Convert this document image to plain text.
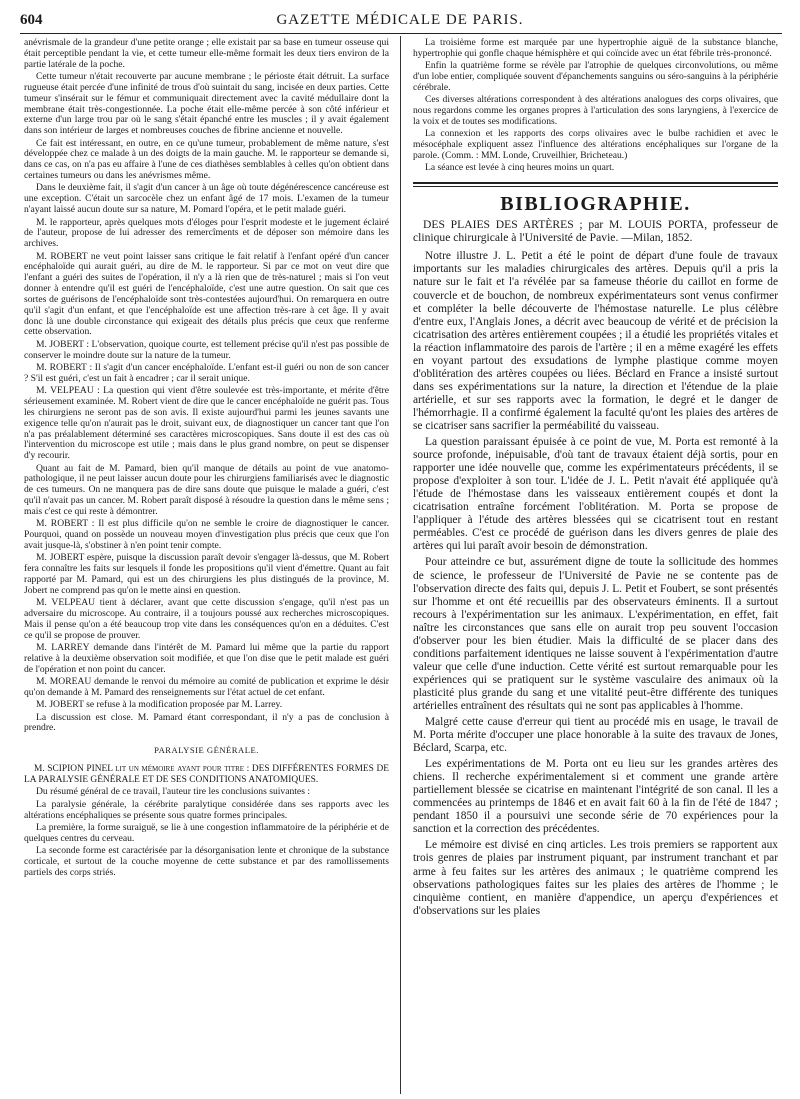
604	GAZETTE MÉDICALE DE PARIS.

anévrismale de la grandeur d'une petite orange ; elle existait par sa base en tumeur osseuse qui était perceptible pendant la vie, et cette tumeur elle-même formait les deux tiers environ de la partie latérale de la poche.

Cette tumeur n'était recouverte par aucune membrane ; le périoste était détruit. La surface rugueuse était percée d'une infinité de trous d'où suintait du sang, incisée en deux parties. Cette tumeur s'insérait sur le fémur et communiquait directement avec la cavité médullaire dont la membrane était très-congestionnée. La poche était elle-même percée à son côté inférieur et externe d'un large trou par où le sang s'était épanché entre les muscles ; il y avait également dans son intérieur de larges et nombreuses couches de fibrine ancienne et nouvelle.

Ce fait est intéressant, en outre, en ce qu'une tumeur, probablement de même nature, s'est développée chez ce malade à un des doigts de la main gauche. M. le rapporteur se demande si, dans ce cas, on n'a pas eu affaire à l'une de ces diathèses semblables à celles qu'on obtient dans certaines tumeurs ou dans les anévrismes même.

Dans le deuxième fait, il s'agit d'un cancer à un âge où toute dégénérescence cancéreuse est une exception. C'était un sarcocèle chez un enfant âgé de 17 mois. L'examen de la tumeur n'ayant laissé aucun doute sur sa nature, M. Pomard l'opéra, et le petit malade guéri.

M. le rapporteur, après quelques mots d'éloges pour l'esprit modeste et le jugement éclairé de l'auteur, propose de lui adresser des remercîments et de déposer son mémoire dans les archives.

M. ROBERT ne veut point laisser sans critique le fait relatif à l'enfant opéré d'un cancer encéphaloïde qui aurait guéri, au dire de M. le rapporteur. Si par ce mot on veut dire que l'enfant a guéri des suites de l'opération, il n'y a là rien que de très-naturel ; mais si l'on veut donner à entendre qu'il est guéri de l'encéphaloïde, c'est une autre question. On sait que ces sortes de guérisons de l'encéphaloïde sont très-contestées aujourd'hui. On remarquera en outre qu'il s'agit d'un enfant, et que l'encéphaloïde est une affection très-rare à cet âge. Il y avait donc là une double circonstance qui exigeait des détails plus précis que ceux que renferme cette observation.

M. JOBERT : L'observation, quoique courte, est tellement précise qu'il n'est pas possible de conserver le moindre doute sur la nature de la tumeur.

M. ROBERT : Il s'agit d'un cancer encéphaloïde. L'enfant est-il guéri ou non de son cancer ? S'il est guéri, c'est un fait à encadrer ; car il serait unique.

M. VELPEAU : La question qui vient d'être soulevée est très-importante, et mérite d'être sérieusement examinée. M. Robert vient de dire que le cancer encéphaloïde ne guérit pas. Tous les chirurgiens ne seront pas de son avis. Il existe aujourd'hui parmi les jeunes savants une exigence telle qu'on n'aurait pas le droit, suivant eux, de diagnostiquer un cancer tant que l'on n'a pas préalablement déterminé ses caractères microscopiques. Sans doute il est des cas où l'intervention du microscope est utile ; mais dans le plus grand nombre, on peut se dispenser d'y recourir.

Quant au fait de M. Pamard, bien qu'il manque de détails au point de vue anatomo-pathologique, il ne peut laisser aucun doute pour les chirurgiens familiarisés avec le diagnostic de ces tumeurs. On ne manquera pas de dire sans doute que puisque le malade a guéri, c'est qu'il n'avait pas un cancer. M. Robert paraît disposé à résoudre la question dans le même sens ; mais c'est ce qui reste à démontrer.

M. ROBERT : Il est plus difficile qu'on ne semble le croire de diagnostiquer le cancer. Pourquoi, quand on possède un nouveau moyen d'investigation plus précis que ceux que l'on avait jusque-là, s'obstiner à n'en point tenir compte.

M. JOBERT espère, puisque la discussion paraît devoir s'engager là-dessus, que M. Robert fera connaître les faits sur lesquels il fonde les propositions qu'il vient d'émettre. Quant au fait rapporté par M. Pamard, qui est un des chirurgiens les plus distingués de la province, M. Jobert ne comprend pas qu'on le mette ainsi en question.

M. VELPEAU tient à déclarer, avant que cette discussion s'engage, qu'il n'est pas un adversaire du microscope. Au contraire, il a toujours poussé aux recherches microscopiques. Mais il pense qu'on a été beaucoup trop vite dans les conséquences qu'on en a déduites. C'est ce qu'il se propose de prouver.

M. LARREY demande dans l'intérêt de M. Pamard lui même que la partie du rapport relative à la deuxième observation soit modifiée, et que l'on dise que le petit malade est guéri de l'opération et non point du cancer.

M. MOREAU demande le renvoi du mémoire au comité de publication et exprime le désir qu'on demande à M. Pamard des renseignements sur l'état actuel de cet enfant.

M. JOBERT se refuse à la modification proposée par M. Larrey.

La discussion est close. M. Pamard étant correspondant, il n'y a pas de conclusion à prendre.

PARALYSIE GÉNÉRALE.

M. SCIPION PINEL lit un mémoire ayant pour titre : DES DIFFÉRENTES FORMES DE LA PARALYSIE GÉNÉRALE ET DE SES CONDITIONS ANATOMIQUES.

Du résumé général de ce travail, l'auteur tire les conclusions suivantes :

La paralysie générale, la cérébrite paralytique considérée dans ses rapports avec les altérations encéphaliques se présente sous quatre formes principales.

La première, la forme suraiguë, se lie à une congestion inflammatoire de la périphérie et de quelques centres du cerveau.

La seconde forme est caractérisée par la désorganisation lente et chronique de la substance corticale, et surtout de la couche moyenne de cette substance et par des ramollissements partiels des corps striés.

La troisième forme est marquée par une hypertrophie aiguë de la substance blanche, hypertrophie qui gonfle chaque hémisphère et qui coïncide avec un état fébrile très-prononcé.

Enfin la quatrième forme se révèle par l'atrophie de quelques circonvolutions, ou même d'un lobe entier, compliquée souvent d'épanchements sanguins ou séro-sanguins à la périphérie cérébrale.

Ces diverses altérations correspondent à des altérations analogues des corps olivaires, que nous regardons comme les organes propres à l'articulation des sons laryngiens, à l'exercice de la voix et de toutes ses modifications.

La connexion et les rapports des corps olivaires avec le bulbe rachidien et avec le mésocéphale expliquent assez l'influence des altérations encéphaliques sur l'organe de la parole. (Comm. : MM. Londe, Cruveilhier, Bricheteau.)

La séance est levée à cinq heures moins un quart.

BIBLIOGRAPHIE.

DES PLAIES DES ARTÈRES ; par M. LOUIS PORTA, professeur de clinique chirurgicale à l'Université de Pavie. —Milan, 1852.

Notre illustre J. L. Petit a été le point de départ d'une foule de travaux importants sur les maladies chirurgicales des artères. Depuis qu'il a pris la nature sur le fait et l'a révélée par sa fameuse théorie du caillot en forme de couvercle et de bouchon, de nombreux expérimentateurs sont venus confirmer et compléter la belle découverte de l'hémostase naturelle. Le plus célèbre d'entre eux, l'Anglais Jones, a décrit avec beaucoup de vérité et de précision la cicatrisation des artères entièrement coupées ; il a étudié les propriétés vitales et la réaction inflammatoire des parois de l'artère ; il en a même exagéré les effets en voyant partout des exsudations de lymphe plastique comme moyen d'oblitération des artères coupées ou liées. Béclard en France a insisté surtout dans ses expérimentations sur la nature, la direction et l'étendue de la plaie artérielle, et sur ses rapports avec la formation, le degré et le danger de l'hémorrhagie. Il a confirmé également la faculté qu'ont les plaies des artères de se cicatriser sans sacrifier la perméabilité du vaisseau.

La question paraissant épuisée à ce point de vue, M. Porta est remonté à la source profonde, inépuisable, d'où tant de travaux étaient déjà sortis, pour en rapporter une idée nouvelle que, comme les expérimentateurs précédents, il se propose d'exploiter à son tour. L'idée de J. L. Petit n'avait été appliquée qu'à l'étude de l'hémostase dans les vaisseaux entièrement coupés et dont la cicatrisation entraîne forcément l'oblitération. M. Porta se propose de l'appliquer à l'étude des artères blessées qui se cicatrisent tout en restant perméables. C'est ce procédé de guérison dans les divers genres de plaie des artères qui lui paraît avoir besoin de démonstration.

Pour atteindre ce but, assurément digne de toute la sollicitude des hommes de science, le professeur de l'Université de Pavie ne se contente pas de l'observation directe des faits qui, depuis J. L. Petit et Foubert, se sont présentés sur l'homme et ont été recueillis par des observateurs éminents. Il a surtout recours à l'expérimentation sur les animaux. L'expérimentation, en effet, fait naître les circonstances que sans elle on aurait trop peu souvent l'occasion d'observer pour les bien étudier. Mais la difficulté de se placer dans des conditions parfaitement identiques ne laisse souvent à l'expérimentation d'autre valeur que celle d'une induction. Cette vérité est surtout remarquable pour les expériences qui se pratiquent sur le système vasculaire des animaux où la plasticité plus grande du sang et une vitalité peut-être différente des tuniques artérielles entraînent des résultats qui ne sont pas applicables à l'homme.

Malgré cette cause d'erreur qui tient au procédé mis en usage, le travail de M. Porta mérite d'occuper une place honorable à la suite des travaux de Jones, Béclard, Scarpa, etc.

Les expérimentations de M. Porta ont eu lieu sur les grandes artères des chiens. Il recherche expérimentalement si et comment une grande artère partiellement blessée se cicatrise en maintenant l'intégrité de son canal. Il les a commencées au printemps de 1846 et en avait fait 60 à la fin de l'été de 1847 ; pendant 1850 il a poursuivi une seconde série de 70 expériences pour la sanction et la correction des précédentes.

Le mémoire est divisé en cinq articles. Les trois premiers se rapportent aux trois genres de plaies par instrument piquant, par instrument tranchant et par arme à feu faites sur les artères des animaux ; le quatrième comprend les observations pathologiques faites sur les plaies des artères de l'homme ; le cinquième contient, en manière d'appendice, un aperçu d'expériences et d'observations sur les plaies
